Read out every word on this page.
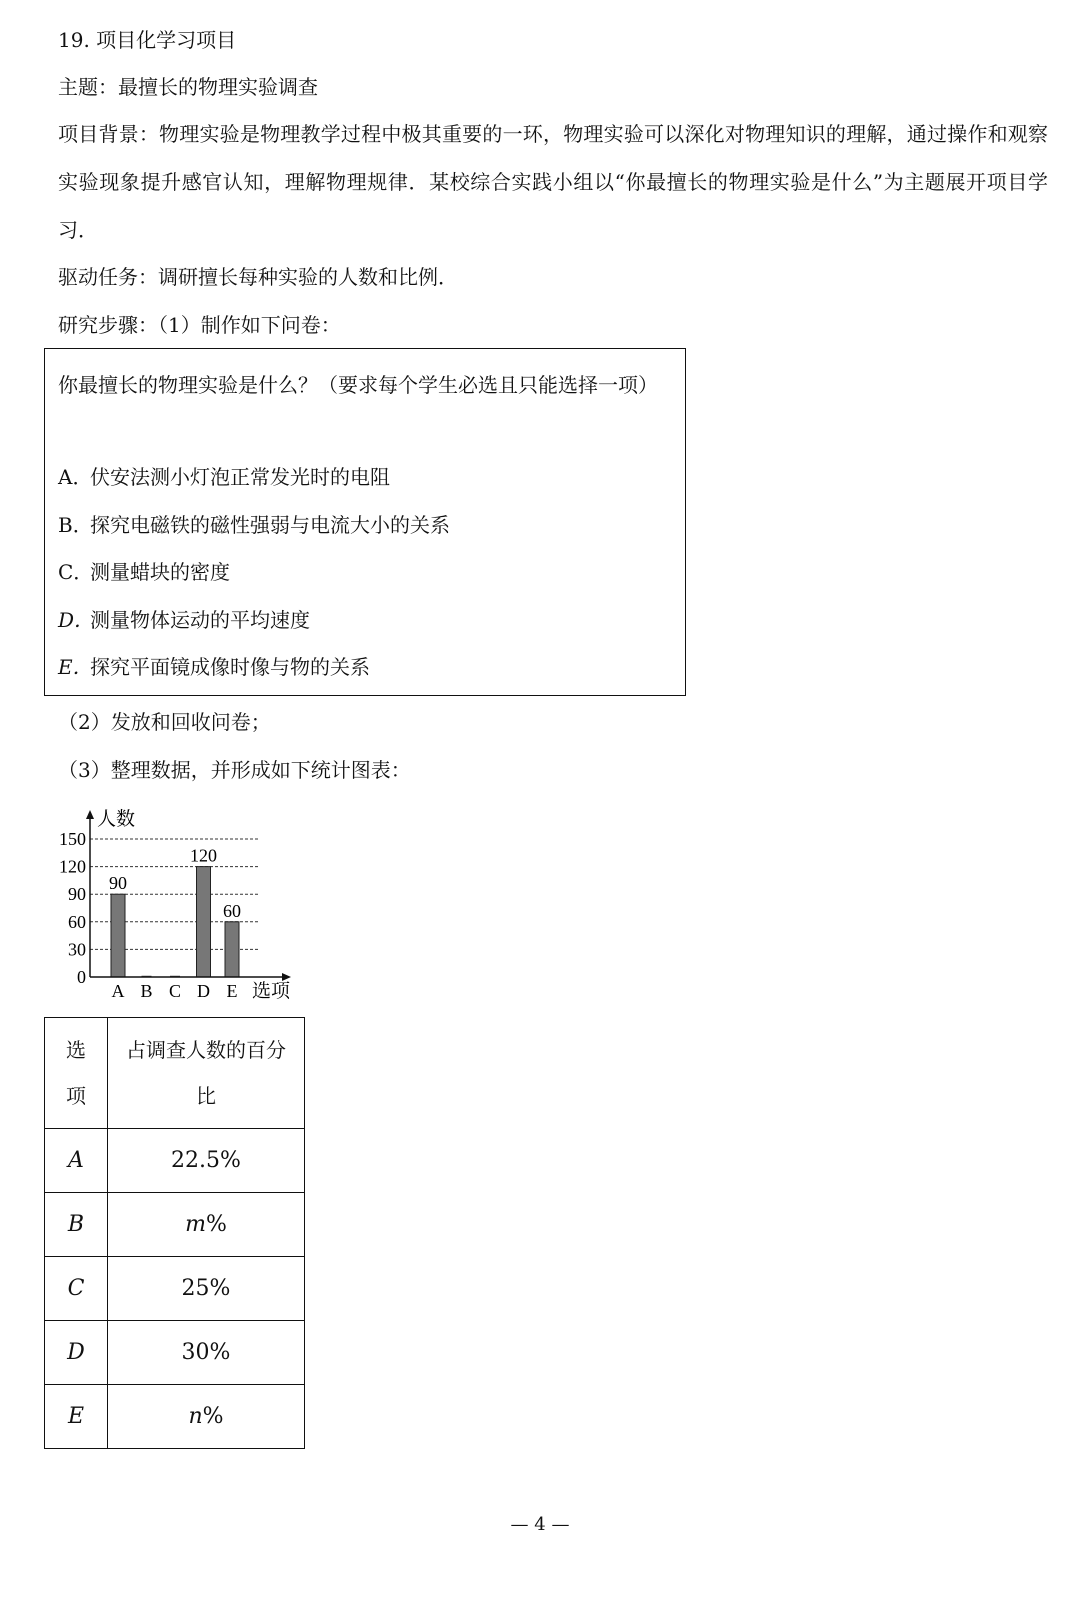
19. 项目化学习项目
主题：最擅长的物理实验调查
项目背景：物理实验是物理教学过程中极其重要的一环，物理实验可以深化对物理知识的理解，通过操作和观察实验现象提升感官认知，理解物理规律．某校综合实践小组以“你最擅长的物理实验是什么”为主题展开项目学习．
驱动任务：调研擅长每种实验的人数和比例．
研究步骤：（1）制作如下问卷：
你最擅长的物理实验是什么？（要求每个学生必选且只能选择一项）
A．伏安法测小灯泡正常发光时的电阻
B．探究电磁铁的磁性强弱与电流大小的关系
C．测量蜡块的密度
D．测量物体运动的平均速度
E．探究平面镜成像时像与物的关系
（2）发放和回收问卷；
（3）整理数据，并形成如下统计图表：
0
30
60
90
120
150
A B C D E
90
120
60
人数
选项
选项	占调查人数的百分比

A	22.5%
B	m%
C	25%
D	30%
E	n%
— 4 —
